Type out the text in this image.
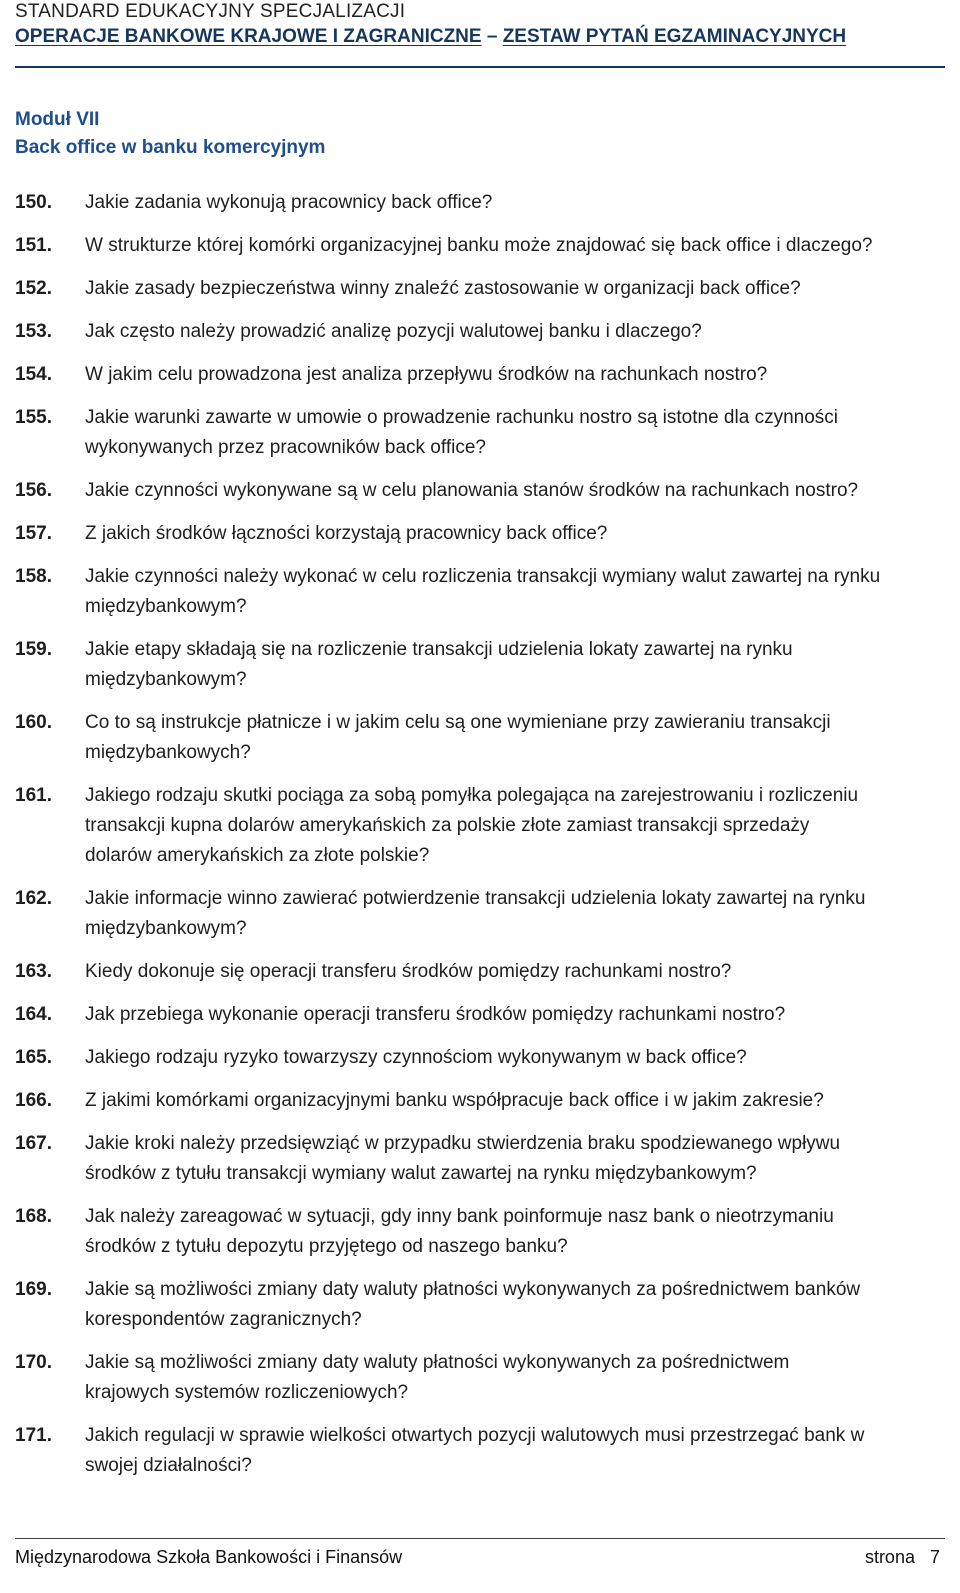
STANDARD EDUKACYJNY SPECJALIZACJI
OPERACJE BANKOWE KRAJOWE I ZAGRANICZNE – ZESTAW PYTAŃ EGZAMINACYJNYCH
Moduł VII
Back office w banku komercyjnym
150.	Jakie zadania wykonują pracownicy back office?
151.	W strukturze której komórki organizacyjnej banku może znajdować się back office i dlaczego?
152.	Jakie zasady bezpieczeństwa winny znaleźć zastosowanie w organizacji back office?
153.	Jak często należy prowadzić analizę pozycji walutowej banku i dlaczego?
154.	W jakim celu prowadzona jest analiza przepływu środków na rachunkach nostro?
155.	Jakie warunki zawarte w umowie o prowadzenie rachunku nostro są istotne dla czynności
wykonywanych przez pracowników back office?
156.	Jakie czynności wykonywane są w celu planowania stanów środków na rachunkach nostro?
157.	Z jakich środków łączności korzystają pracownicy back office?
158.	Jakie czynności należy wykonać w celu rozliczenia transakcji wymiany walut zawartej na rynku
międzybankowym?
159.	Jakie etapy składają się na rozliczenie transakcji udzielenia lokaty zawartej na rynku
międzybankowym?
160.	Co to są instrukcje płatnicze i w jakim celu są one wymieniane przy zawieraniu transakcji
międzybankowych?
161.	Jakiego rodzaju skutki pociąga za sobą pomyłka polegająca na zarejestrowaniu i rozliczeniu
transakcji kupna dolarów amerykańskich za polskie złote zamiast transakcji sprzedaży
dolarów amerykańskich za złote polskie?
162.	Jakie informacje winno zawierać potwierdzenie transakcji udzielenia lokaty zawartej na rynku
międzybankowym?
163.	Kiedy dokonuje się operacji transferu środków pomiędzy rachunkami nostro?
164.	Jak przebiega wykonanie operacji transferu środków pomiędzy rachunkami nostro?
165.	Jakiego rodzaju ryzyko towarzyszy czynnościom wykonywanym w back office?
166.	Z jakimi komórkami organizacyjnymi banku współpracuje back office i w jakim zakresie?
167.	Jakie kroki należy przedsięwziąć w przypadku stwierdzenia braku spodziewanego wpływu
środków z tytułu transakcji wymiany walut zawartej na rynku międzybankowym?
168.	Jak należy zareagować w sytuacji, gdy inny bank poinformuje nasz bank o nieotrzymaniu
środków z tytułu depozytu przyjętego od naszego banku?
169.	Jakie są możliwości zmiany daty waluty płatności wykonywanych za pośrednictwem banków
korespondentów zagranicznych?
170.	Jakie są możliwości zmiany daty waluty płatności wykonywanych za pośrednictwem
krajowych systemów rozliczeniowych?
171.	Jakich regulacji w sprawie wielkości otwartych pozycji walutowych musi przestrzegać bank w
swojej działalności?
Międzynarodowa Szkoła Bankowości i Finansów	strona 7
